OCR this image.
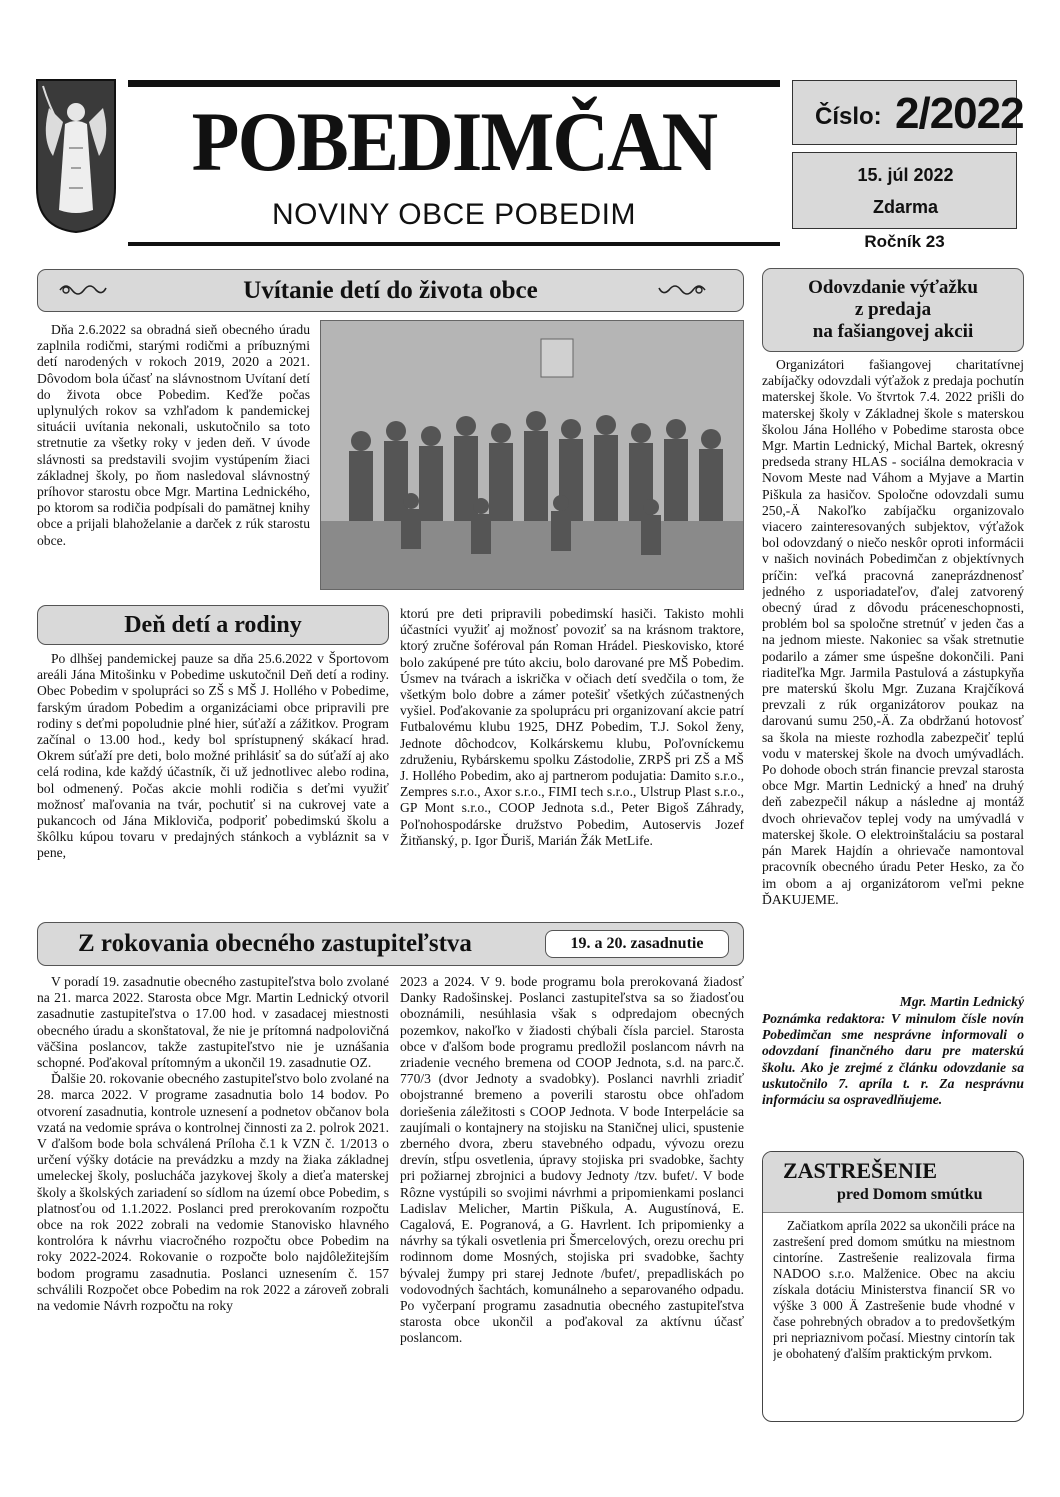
POBEDIMČAN
NOVINY OBCE POBEDIM
Číslo: 2/2022
15. júl 2022
Zdarma
Ročník 23
Uvítanie detí do života obce
Dňa 2.6.2022 sa obradná sieň obecného úradu zaplnila rodičmi, starými rodičmi a príbuznými detí narodených v rokoch 2019, 2020 a 2021. Dôvodom bola účasť na slávnostnom Uvítaní detí do života obce Pobedim. Keďže počas uplynulých rokov sa vzhľadom k pandemickej situácii uvítania nekonali, uskutočnilo sa toto stretnutie za všetky roky v jeden deň. V úvode slávnosti sa predstavili svojim vystúpením žiaci základnej školy, po ňom nasledoval slávnostný príhovor starostu obce Mgr. Martina Lednického, po ktorom sa rodičia podpísali do pamätnej knihy obce a prijali blahoželanie a darček z rúk starostu obce.
Deň detí a rodiny
Po dlhšej pandemickej pauze sa dňa 25.6.2022 v Športovom areáli Jána Mitošinku v Pobedime uskutočnil Deň detí a rodiny. Obec Pobedim v spolupráci so ZŠ s MŠ J. Hollého v Pobedime, farským úradom Pobedim a organizáciami obce pripravili pre rodiny s deťmi popoludnie plné hier, súťaží a zážitkov. Program začínal o 13.00 hod., kedy bol sprístupnený skákací hrad. Okrem súťaží pre deti, bolo možné prihlásiť sa do súťaží aj ako celá rodina, kde každý účastník, či už jednotlivec alebo rodina, bol odmenený. Počas akcie mohli rodičia s deťmi využiť možnosť maľovania na tvár, pochutiť si na cukrovej vate a pukancoch od Jána Mikloviča, podporiť pobedimskú školu a škôlku kúpou tovaru v predajných stánkoch a vybláznit sa v pene,
ktorú pre deti pripravili pobedimskí hasiči. Takisto mohli účastníci využiť aj možnosť povoziť sa na krásnom traktore, ktorý zručne šoféroval pán Roman Hrádel. Pieskovisko, ktoré bolo zakúpené pre túto akciu, bolo darované pre MŠ Pobedim. Úsmev na tvárach a iskrička v očiach detí svedčila o tom, že všetkým bolo dobre a zámer potešiť všetkých zúčastnených vyšiel. Poďakovanie za spoluprácu pri organizovaní akcie patrí Futbalovému klubu 1925, DHZ Pobedim, T.J. Sokol ženy, Jednote dôchodcov, Kolkárskemu klubu, Poľovníckemu združeniu, Rybárskemu spolku Zástodolie, ZRPŠ pri ZŠ a MŠ J. Hollého Pobedim, ako aj partnerom podujatia: Damito s.r.o., Zempres s.r.o., Axor s.r.o., FIMI tech s.r.o., Ulstrup Plast s.r.o., GP Mont s.r.o., COOP Jednota s.d., Peter Bigoš Záhrady, Poľnohospodárske družstvo Pobedim, Autoservis Jozef Žitňanský, p. Igor Ďuriš, Marián Žák MetLife.
Z rokovania obecného zastupiteľstva	19. a 20. zasadnutie

V poradí 19. zasadnutie obecného zastupiteľstva bolo zvolané na 21. marca 2022. Starosta obce Mgr. Martin Lednický otvoril zasadnutie zastupiteľstva o 17.00 hod. v zasadacej miestnosti obecného úradu a skonštatoval, že nie je prítomná nadpolovičná väčšina poslancov, takže zastupiteľstvo nie je uznášania schopné. Poďakoval prítomným a ukončil 19. zasadnutie OZ.

Ďalšie 20. rokovanie obecného zastupiteľstvo bolo zvolané na 28. marca 2022. V programe zasadnutia bolo 14 bodov. Po otvorení zasadnutia, kontrole uznesení a podnetov občanov bola vzatá na vedomie správa o kontrolnej činnosti za 2. polrok 2021. V ďalšom bode bola schválená Príloha č.1 k VZN č. 1/2013 o určení výšky dotácie na prevádzku a mzdy na žiaka základnej umeleckej školy, poslucháča jazykovej školy a dieťa materskej školy a školských zariadení so sídlom na území obce Pobedim, s platnosťou od 1.1.2022. Poslanci pred prerokovaním rozpočtu obce na rok 2022 zobrali na vedomie Stanovisko hlavného kontrolóra k návrhu viacročného rozpočtu obce Pobedim na roky 2022-2024. Rokovanie o rozpočte bolo najdôležitejším bodom programu zasadnutia. Poslanci uznesením č. 157 schválili Rozpočet obce Pobedim na rok 2022 a zároveň zobrali na vedomie Návrh rozpočtu na roky

2023 a 2024. V 9. bode programu bola prerokovaná žiadosť Danky Radošinskej. Poslanci zastupiteľstva sa so žiadosťou oboznámili, nesúhlasia však s odpredajom obecných pozemkov, nakoľko v žiadosti chýbali čísla parciel. Starosta obce v ďalšom bode programu predložil poslancom návrh na zriadenie vecného bremena od COOP Jednota, s.d. na parc.č. 770/3 (dvor Jednoty a svadobky). Poslanci navrhli zriadiť obojstranné bremeno a poverili starostu obce ohľadom doriešenia záležitosti s COOP Jednota. V bode Interpelácie sa zaujímali o kontajnery na stojisku na Staničnej ulici, spustenie zberného dvora, zberu stavebného odpadu, vývozu orezu drevín, stĺpu osvetlenia, úpravy stojiska pri svadobke, šachty pri požiarnej zbrojnici a budovy Jednoty /tzv. bufet/. V bode Rôzne vystúpili so svojimi návrhmi a pripomienkami poslanci Ladislav Melicher, Martin Piškula, A. Augustínová, E. Cagalová, E. Pogranová, a G. Havrlent. Ich pripomienky a návrhy sa týkali osvetlenia pri Šmercelových, orezu orechu pri rodinnom dome Mosných, stojiska pri svadobke, šachty bývalej žumpy pri starej Jednote /bufet/, prepadliskách po vodovodných šachtách, komunálneho a separovaného odpadu. Po vyčerpaní programu zasadnutia obecného zastupiteľstva starosta obce ukončil a poďakoval za aktívnu účasť poslancom.
Odovzdanie výťažku
z predaja
na fašiangovej akcii
Organizátori fašiangovej charitatívnej zabíjačky odovzdali výťažok z predaja pochutín materskej škole. Vo štvrtok 7.4. 2022 prišli do materskej školy v Základnej škole s materskou školou Jána Hollého v Pobedime starosta obce Mgr. Martin Lednický, Michal Bartek, okresný predseda strany HLAS - sociálna demokracia v Novom Meste nad Váhom a Myjave a Martin Piškula za hasičov. Spoločne odovzdali sumu 250,-Ä Nakoľko zabíjačku organizovalo viacero zainteresovaných subjektov, výťažok bol odovzdaný o niečo neskôr oproti informácii v našich novinách Pobedimčan z objektívnych príčin: veľká pracovná zaneprázdnenosť jedného z usporiadateľov, ďalej zatvorený obecný úrad z dôvodu práceneschopnosti, problém bol sa spoločne stretnúť v jeden čas a na jednom mieste. Nakoniec sa však stretnutie podarilo a zámer sme úspešne dokončili. Pani riaditeľka Mgr. Jarmila Pastulová a zástupkyňa pre materskú školu Mgr. Zuzana Krajčíková prevzali z rúk organizátorov poukaz na darovanú sumu 250,-Ä. Za obdržanú hotovosť sa škola na mieste rozhodla zabezpečiť teplú vodu v materskej škole na dvoch umývadlách. Po dohode obоch strán financie prevzal starosta obce Mgr. Martin Lednický a hneď na druhý deň zabezpečil nákup a následne aj montáž dvoch ohrievačov teplej vody na umývadlá v materskej škole. O elektroinštaláciu sa postaral pán Marek Hajdín a ohrievače namontoval pracovník obecného úradu Peter Hesko, za čo im obom a aj organizátorom veľmi pekne ĎAKUJEME.
Mgr. Martin Lednický
Poznámka redaktora: V minulom čísle novín Pobedimčan sme nesprávne informovali o odovzdaní finančného daru pre materskú školu. Ako je zrejmé z článku odovzdanie sa uskutočnilo 7. apríla t. r. Za nesprávnu informáciu sa ospravedlňujeme.
ZASTREŠENIE
pred Domom smútku
Začiatkom apríla 2022 sa ukončili práce na zastrešení pred domom smútku na miestnom cintoríne. Zastrešenie realizovala firma NADOO s.r.o. Malženice. Obec na akciu získala dotáciu Ministerstva financií SR vo výške 3 000 Ä Zastrešenie bude vhodné v čase pohrebných obradov a to predovšetkým pri nepriaznivom počasí. Miestny cintorín tak je obohatený ďalším praktickým prvkom.
